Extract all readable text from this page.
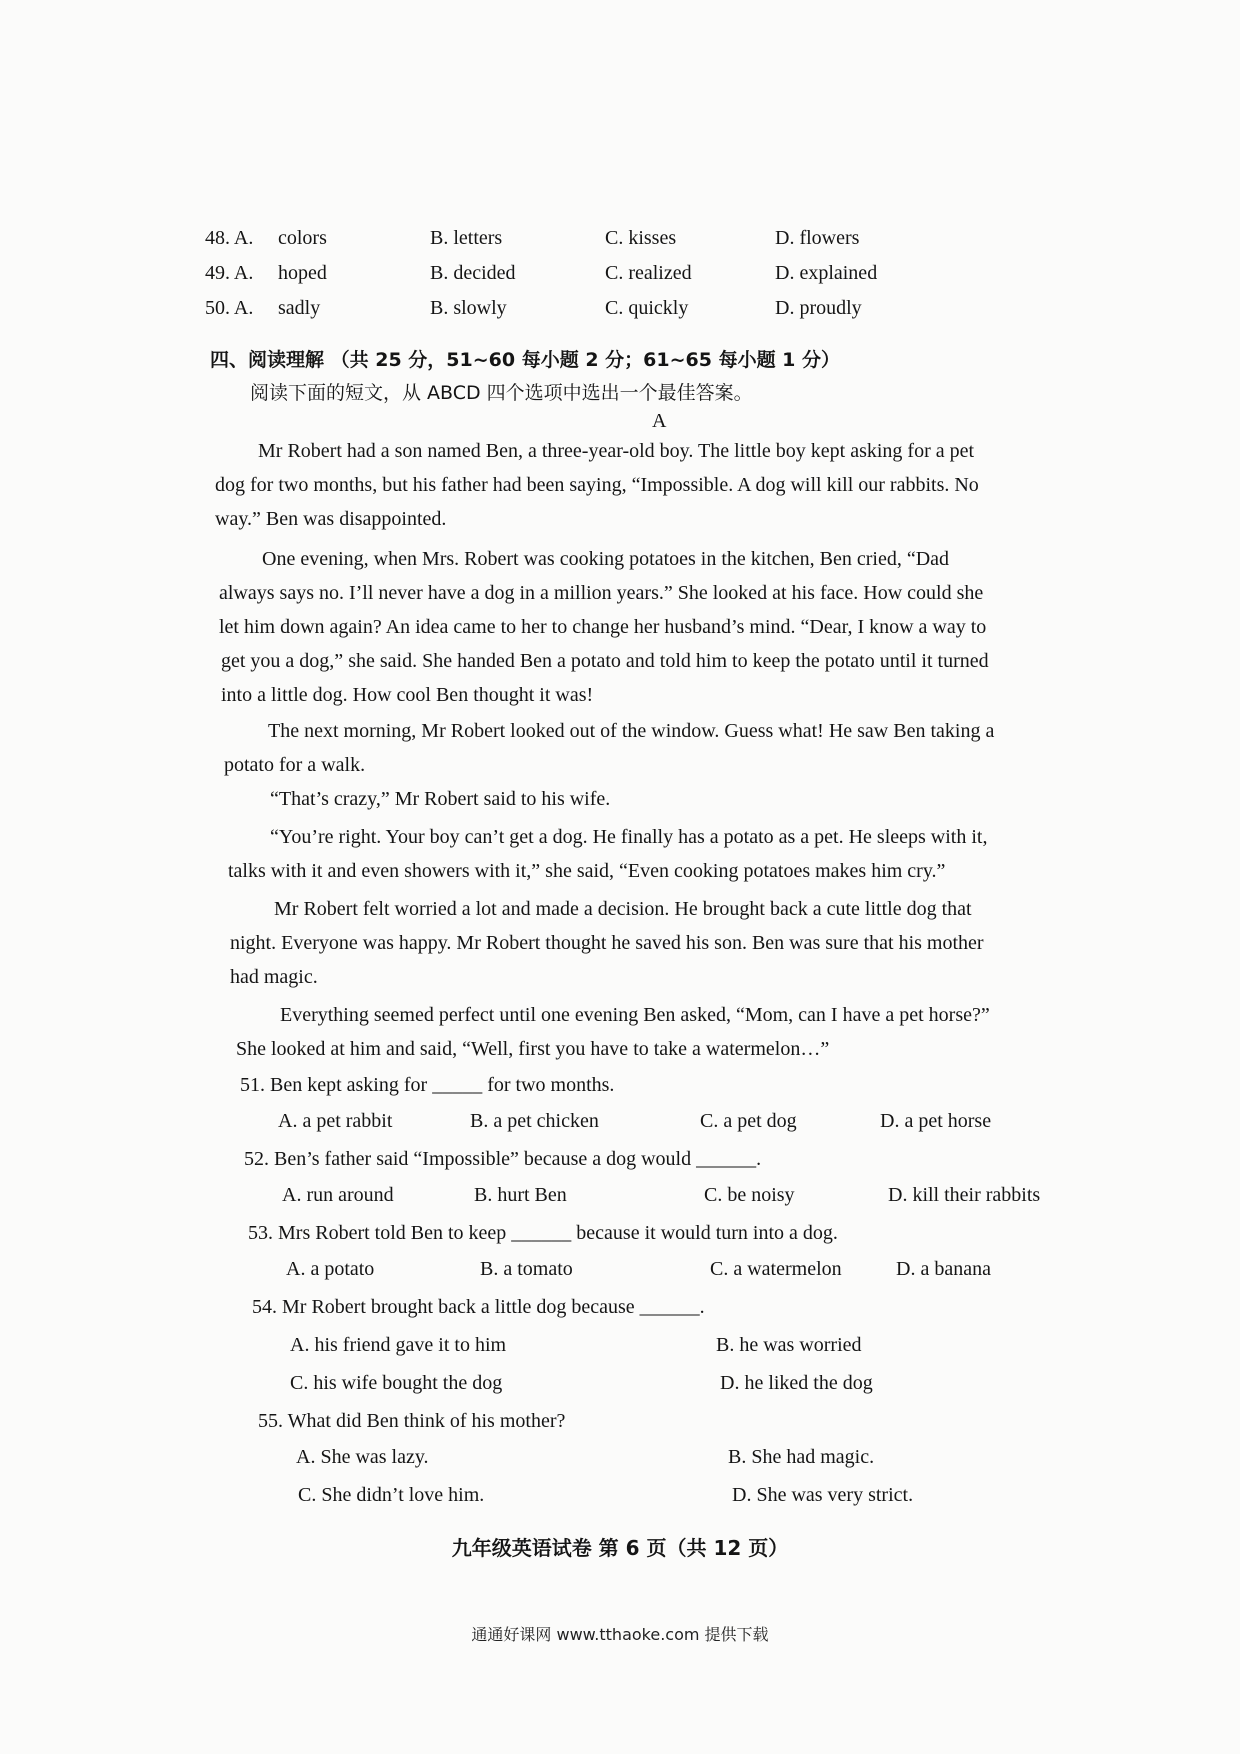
48. A. colors	B. letters	C. kisses	D. flowers
49. A. hoped	B. decided	C. realized	D. explained
50. A. sadly	B. slowly	C. quickly	D. proudly
四、阅读理解 （共 25 分，51~60 每小题 2 分；61~65 每小题 1 分）
阅读下面的短文，从 ABCD 四个选项中选出一个最佳答案。
A
Mr Robert had a son named Ben, a three-year-old boy. The little boy kept asking for a pet
dog for two months, but his father had been saying, “Impossible. A dog will kill our rabbits. No
way.” Ben was disappointed.
One evening, when Mrs. Robert was cooking potatoes in the kitchen, Ben cried, “Dad
always says no. I’ll never have a dog in a million years.” She looked at his face. How could she
let him down again? An idea came to her to change her husband’s mind. “Dear, I know a way to
get you a dog,” she said. She handed Ben a potato and told him to keep the potato until it turned
into a little dog. How cool Ben thought it was!
The next morning, Mr Robert looked out of the window. Guess what! He saw Ben taking a
potato for a walk.
“That’s crazy,” Mr Robert said to his wife.
“You’re right. Your boy can’t get a dog. He finally has a potato as a pet. He sleeps with it,
talks with it and even showers with it,” she said, “Even cooking potatoes makes him cry.”
Mr Robert felt worried a lot and made a decision. He brought back a cute little dog that
night. Everyone was happy. Mr Robert thought he saved his son. Ben was sure that his mother
had magic.
Everything seemed perfect until one evening Ben asked, “Mom, can I have a pet horse?”
She looked at him and said, “Well, first you have to take a watermelon…”
51. Ben kept asking for _____ for two months.
A. a pet rabbit	B. a pet chicken	C. a pet dog	D. a pet horse
52. Ben’s father said “Impossible” because a dog would ______.
A. run around	B. hurt Ben	C. be noisy	D. kill their rabbits
53. Mrs Robert told Ben to keep ______ because it would turn into a dog.
A. a potato	B. a tomato	C. a watermelon	D. a banana
54. Mr Robert brought back a little dog because ______.
A. his friend gave it to him	B. he was worried
C. his wife bought the dog	D. he liked the dog
55. What did Ben think of his mother?
A. She was lazy.	B. She had magic.
C. She didn’t love him.	D. She was very strict.
九年级英语试卷 第 6 页（共 12 页）
通通好课网 www.tthaoke.com 提供下载
